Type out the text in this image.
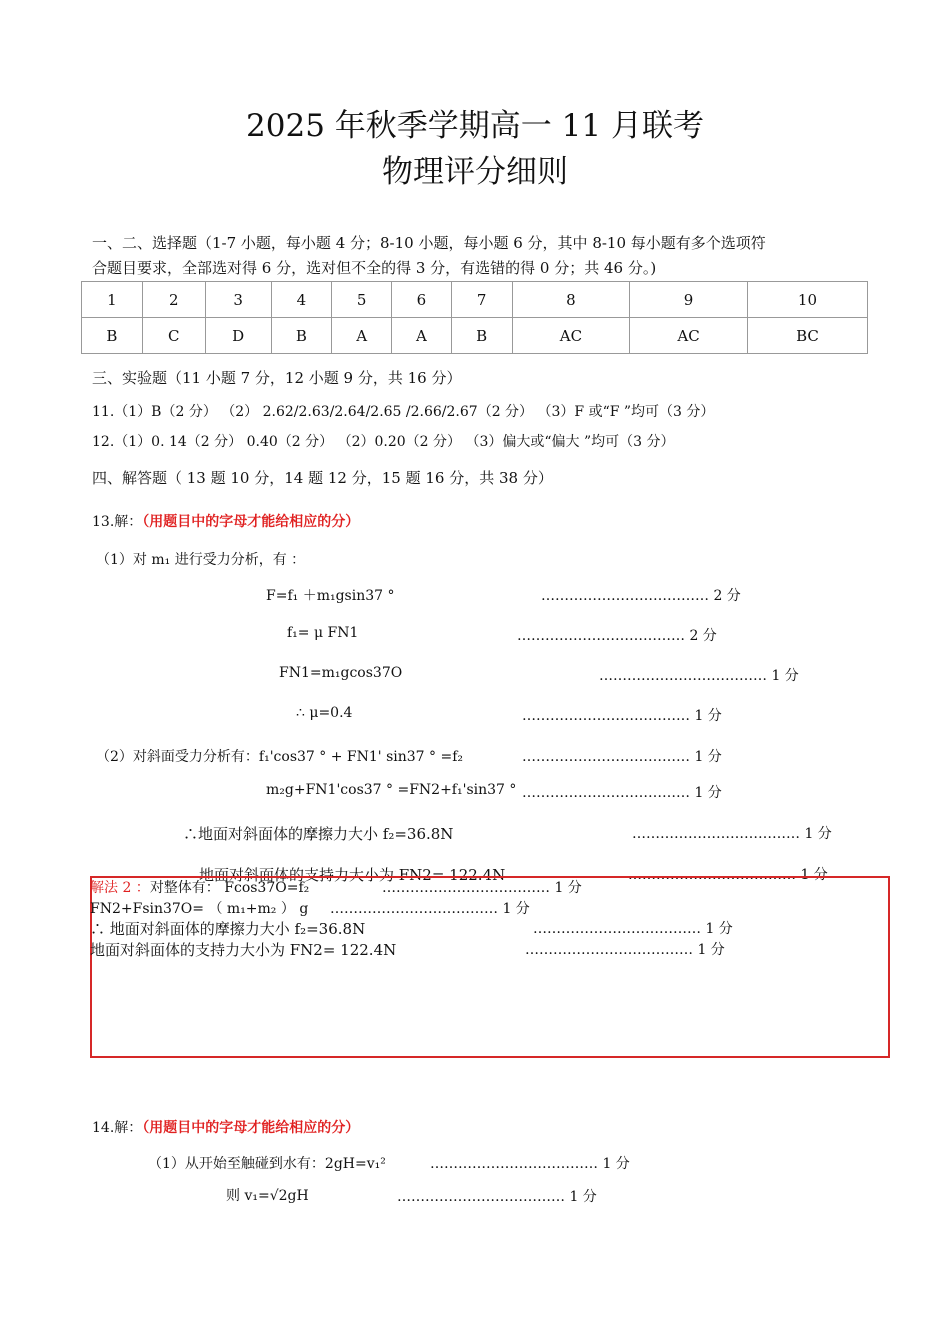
2025 年秋季学期高一 11 月联考
物理评分细则
一、二、选择题（1-7 小题，每小题 4 分；8-10 小题，每小题 6 分，其中 8-10 每小题有多个选项符
合题目要求，全部选对得 6 分，选对但不全的得 3 分，有选错的得 0 分；共 46 分。)
1	2	3	4	5	6	7	8	9	10
B	C	D	B	A	A	B	AC	AC	BC
三、实验题（11 小题 7 分，12 小题 9 分，共 16 分）
11.（1）B（2 分） （2） 2.62/2.63/2.64/2.65 /2.66/2.67（2 分） （3）F 或“F ”均可（3 分）
12.（1）0. 14（2 分） 0.40（2 分） （2）0.20（2 分） （3）偏大或“偏大 ”均可（3 分）
四、解答题（ 13 题 10 分，14 题 12 分，15 题 16 分，共 38 分）
13.解：（用题目中的字母才能给相应的分）
（1）对 m₁ 进行受力分析，有 ：
F=f₁ ＋m₁gsin37 °	……………………………… 2 分
f₁= μ FN1	……………………………… 2 分
FN1=m₁gcos37O	……………………………… 1 分
∴ μ=0.4	……………………………… 1 分
（2）对斜面受力分析有：f₁'cos37 ° + FN1' sin37 ° =f₂	……………………………… 1 分
m₂g+FN1'cos37 ° =FN2+f₁'sin37 ° ……………………………… 1 分
∴地面对斜面体的摩擦力大小 f₂=36.8N	……………………………… 1 分
地面对斜面体的支持力大小为 FN2= 122.4N	……………………………… 1 分
解法 2 ：对整体有： Fcos37O=f₂	……………………………… 1 分
FN2+Fsin37O= （ m₁+m₂ ） g ……………………………… 1 分
∴ 地面对斜面体的摩擦力大小 f₂=36.8N	……………………………… 1 分
地面对斜面体的支持力大小为 FN2= 122.4N	……………………………… 1 分
14.解：（用题目中的字母才能给相应的分）
（1）从开始至触碰到水有：2gH=v₁²	……………………………… 1 分
则 v₁=√2gH	……………………………… 1 分
